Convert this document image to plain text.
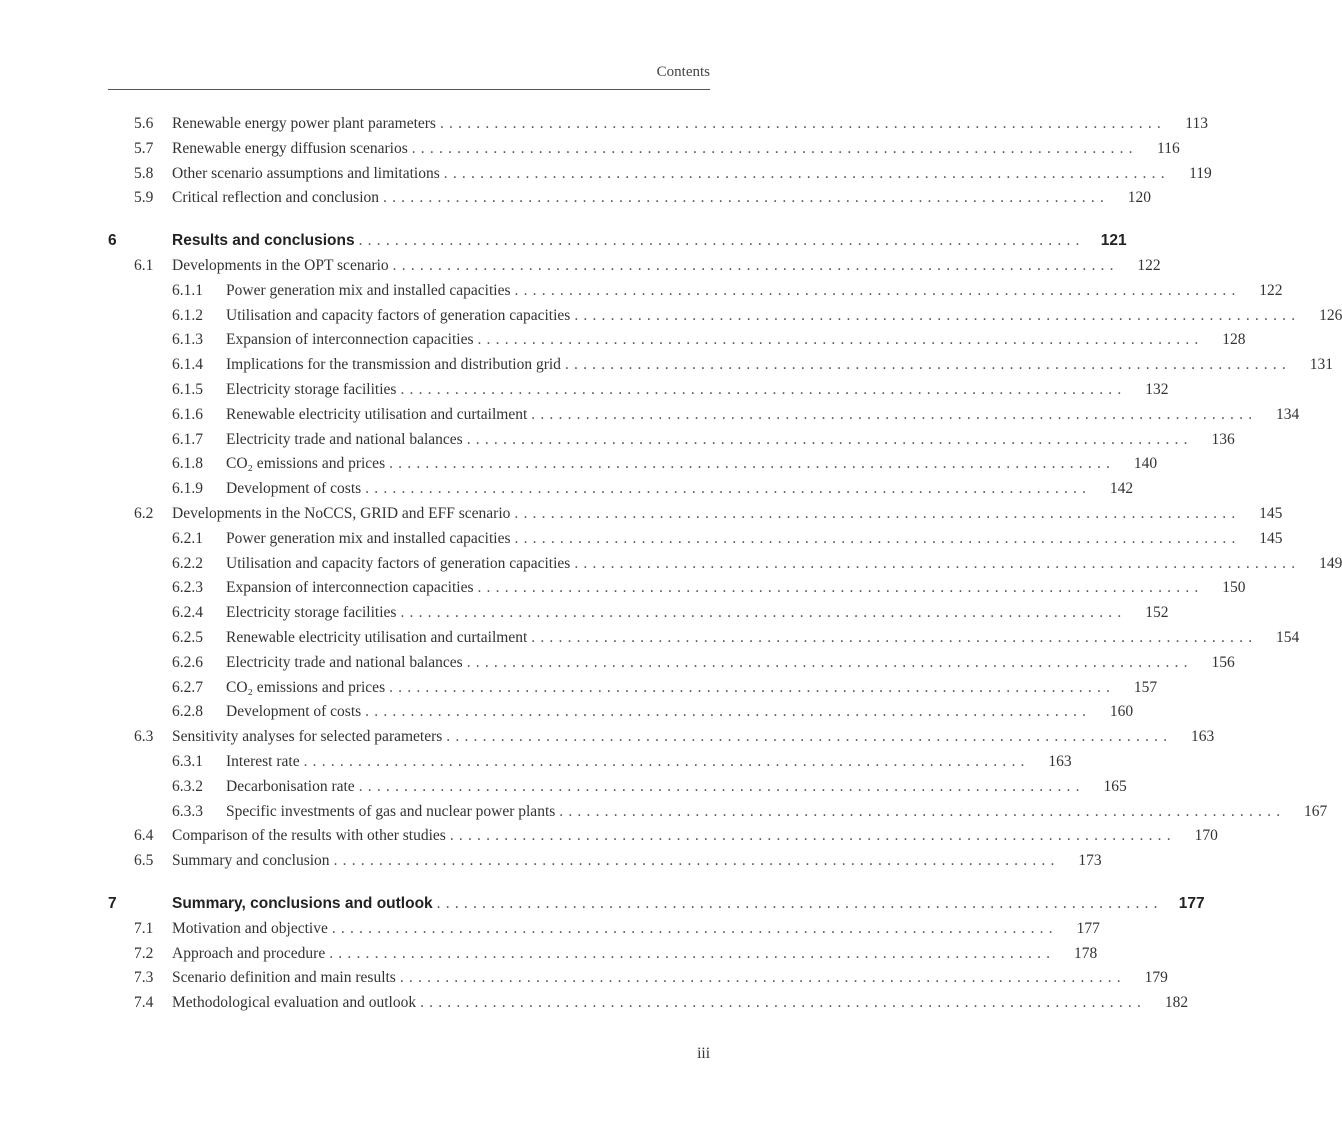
Contents
5.6	Renewable energy power plant parameters ................................................................................	113
5.7	Renewable energy diffusion scenarios ................................................................................	116
5.8	Other scenario assumptions and limitations ................................................................................	119
5.9	Critical reflection and conclusion ................................................................................	120
6	Results and conclusions ................................................................................	121
6.1	Developments in the OPT scenario ................................................................................	122
6.1.1	Power generation mix and installed capacities ................................................................................	122
6.1.2	Utilisation and capacity factors of generation capacities ................................................................................	126
6.1.3	Expansion of interconnection capacities ................................................................................	128
6.1.4	Implications for the transmission and distribution grid ................................................................................	131
6.1.5	Electricity storage facilities ................................................................................	132
6.1.6	Renewable electricity utilisation and curtailment ................................................................................	134
6.1.7	Electricity trade and national balances ................................................................................	136
6.1.8	CO₂ emissions and prices ................................................................................	140
6.1.9	Development of costs ................................................................................	142
6.2	Developments in the NoCCS, GRID and EFF scenario ................................................................................	145
6.2.1	Power generation mix and installed capacities ................................................................................	145
6.2.2	Utilisation and capacity factors of generation capacities ................................................................................	149
6.2.3	Expansion of interconnection capacities ................................................................................	150
6.2.4	Electricity storage facilities ................................................................................	152
6.2.5	Renewable electricity utilisation and curtailment ................................................................................	154
6.2.6	Electricity trade and national balances ................................................................................	156
6.2.7	CO₂ emissions and prices ................................................................................	157
6.2.8	Development of costs ................................................................................	160
6.3	Sensitivity analyses for selected parameters ................................................................................	163
6.3.1	Interest rate ................................................................................	163
6.3.2	Decarbonisation rate ................................................................................	165
6.3.3	Specific investments of gas and nuclear power plants ................................................................................	167
6.4	Comparison of the results with other studies ................................................................................	170
6.5	Summary and conclusion ................................................................................	173
7	Summary, conclusions and outlook ................................................................................	177
7.1	Motivation and objective ................................................................................	177
7.2	Approach and procedure ................................................................................	178
7.3	Scenario definition and main results ................................................................................	179
7.4	Methodological evaluation and outlook ................................................................................	182
iii
